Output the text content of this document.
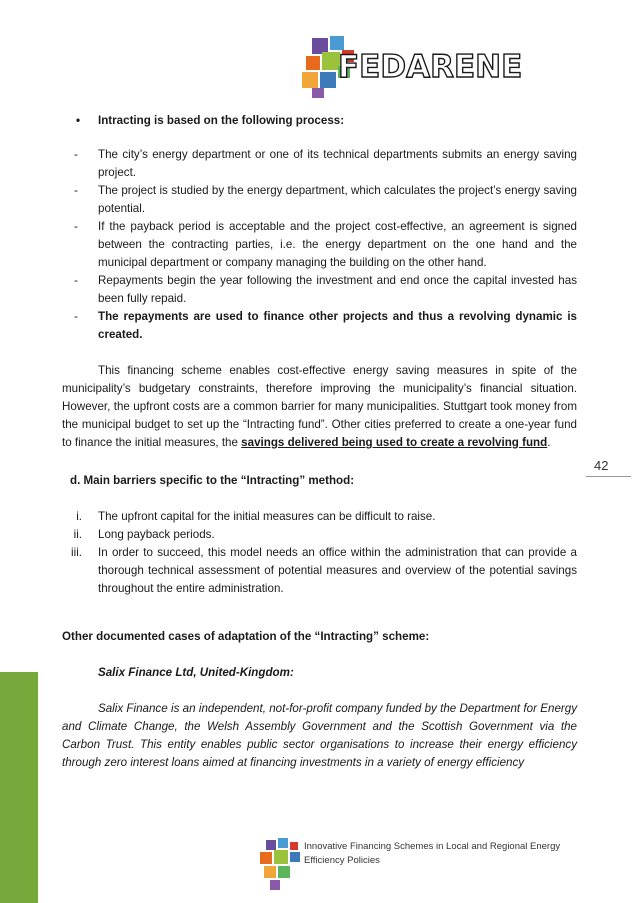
FEDARENE
• Intracting is based on the following process:
- The city’s energy department or one of its technical departments submits an energy saving project.
- The project is studied by the energy department, which calculates the project’s energy saving potential.
- If the payback period is acceptable and the project cost-effective, an agreement is signed between the contracting parties, i.e. the energy department on the one hand and the municipal department or company managing the building on the other hand.
- Repayments begin the year following the investment and end once the capital invested has been fully repaid.
- The repayments are used to finance other projects and thus a revolving dynamic is created.

This financing scheme enables cost-effective energy saving measures in spite of the municipality’s budgetary constraints, therefore improving the municipality’s financial situation. However, the upfront costs are a common barrier for many municipalities. Stuttgart took money from the municipal budget to set up the “Intracting fund”. Other cities preferred to create a one-year fund to finance the initial measures, the savings delivered being used to create a revolving fund.

d. Main barriers specific to the “Intracting” method:
i. The upfront capital for the initial measures can be difficult to raise.
ii. Long payback periods.
iii. In order to succeed, this model needs an office within the administration that can provide a thorough technical assessment of potential measures and overview of the potential savings throughout the entire administration.
Other documented cases of adaptation of the “Intracting” scheme:
Salix Finance Ltd, United-Kingdom:

Salix Finance is an independent, not-for-profit company funded by the Department for Energy and Climate Change, the Welsh Assembly Government and the Scottish Government via the Carbon Trust. This entity enables public sector organisations to increase their energy efficiency through zero interest loans aimed at financing investments in a variety of energy efficiency

42
Innovative Financing Schemes in Local and Regional Energy Efficiency Policies
